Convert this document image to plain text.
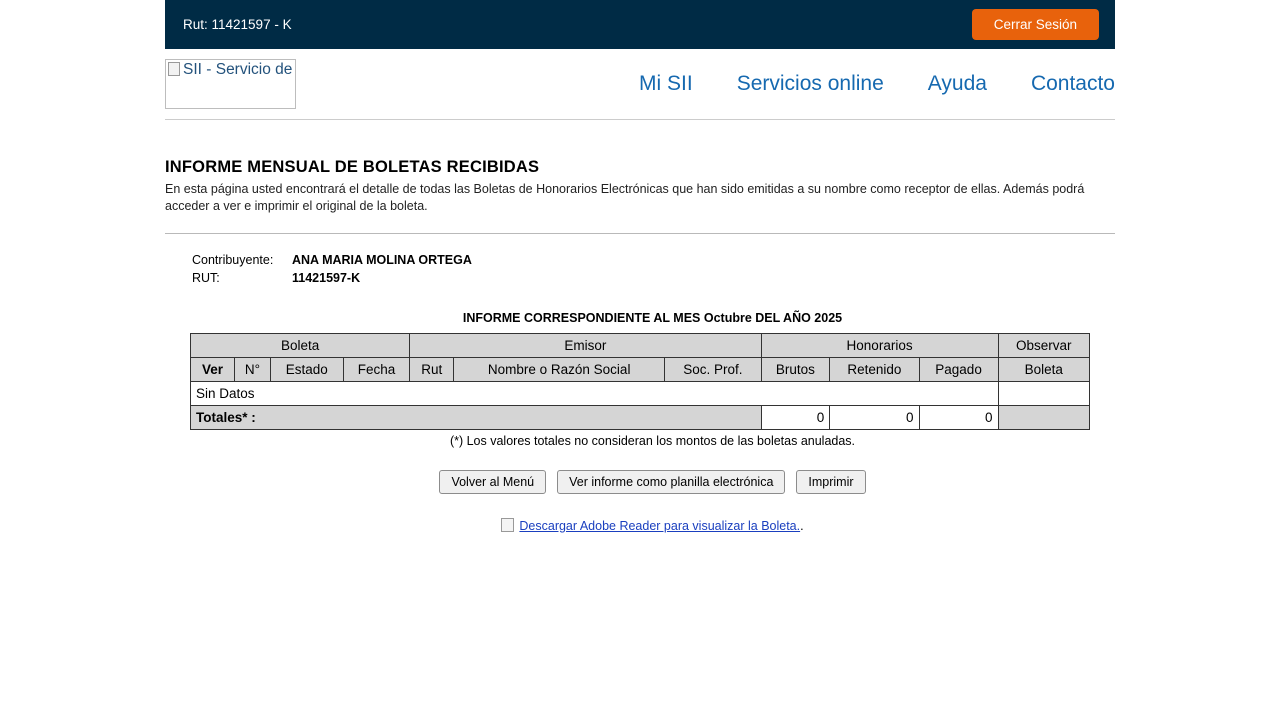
Rut: 11421597 - K	Cerrar Sesión
SII - Servicio de
Mi SII Servicios online Ayuda Contacto
INFORME MENSUAL DE BOLETAS RECIBIDAS

En esta página usted encontrará el detalle de todas las Boletas de Honorarios Electrónicas que han sido emitidas a su nombre como receptor de ellas. Además podrá acceder a ver e imprimir el original de la boleta.

Contribuyente: ANA MARIA MOLINA ORTEGA
RUT:	11421597-K
INFORME CORRESPONDIENTE AL MES Octubre DEL AÑO 2025
Boleta				Emisor			Honorarios			Observar
Ver	N°	Estado	Fecha	Rut	Nombre o Razón Social	Soc. Prof.	Brutos	Retenido	Pagado	Boleta
Sin Datos										
Totales* :							0	0	0	
(*) Los valores totales no consideran los montos de las boletas anuladas.
Volver al Menú	Ver informe como planilla electrónica	Imprimir
Descargar Adobe Reader para visualizar la Boleta..
